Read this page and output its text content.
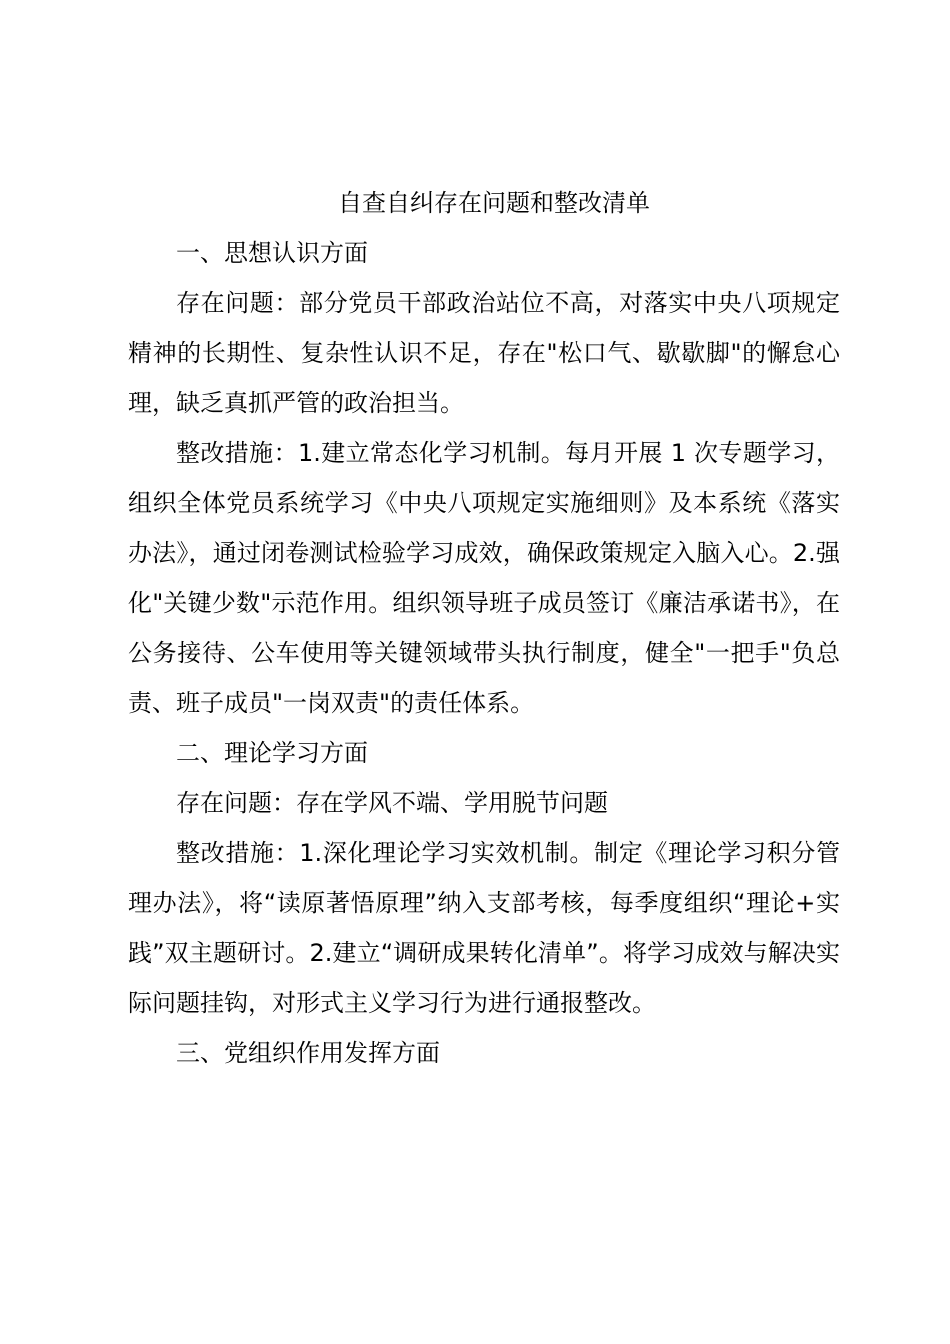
自查自纠存在问题和整改清单
一、思想认识方面
存在问题：部分党员干部政治站位不高，对落实中央八项规定精神的长期性、复杂性认识不足，存在"松口气、歇歇脚"的懈怠心理，缺乏真抓严管的政治担当。
整改措施：1.建立常态化学习机制。每月开展 1 次专题学习，组织全体党员系统学习《中央八项规定实施细则》及本系统《落实办法》，通过闭卷测试检验学习成效，确保政策规定入脑入心。2.强化"关键少数"示范作用。组织领导班子成员签订《廉洁承诺书》，在公务接待、公车使用等关键领域带头执行制度，健全"一把手"负总责、班子成员"一岗双责"的责任体系。
二、理论学习方面
存在问题：存在学风不端、学用脱节问题
整改措施：1.深化理论学习实效机制。制定《理论学习积分管理办法》，将“读原著悟原理”纳入支部考核，每季度组织“理论+实践”双主题研讨。2.建立“调研成果转化清单”。将学习成效与解决实际问题挂钩，对形式主义学习行为进行通报整改。
三、党组织作用发挥方面
